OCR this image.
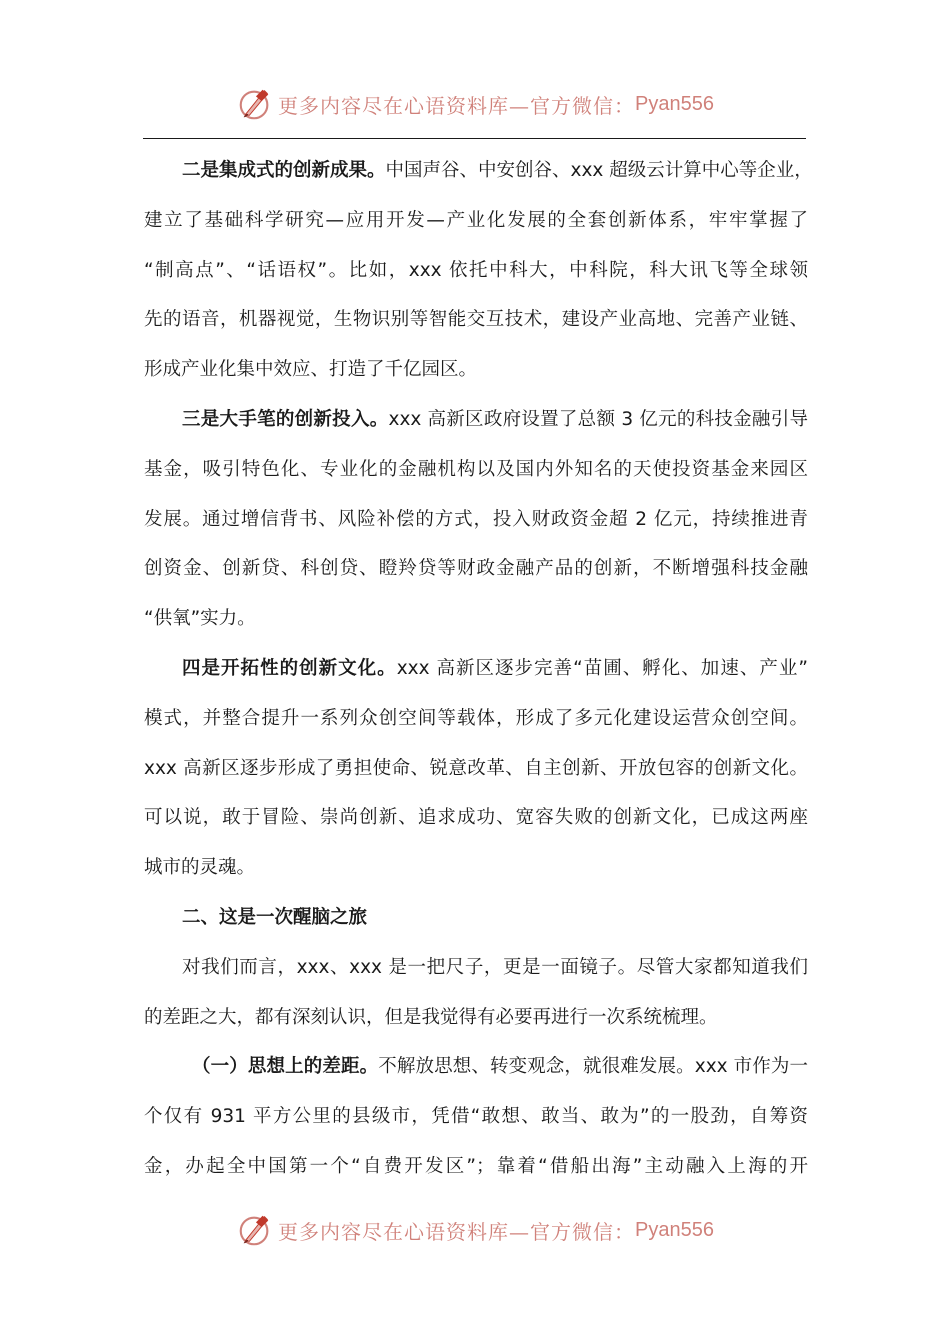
更多内容尽在心语资料库—官方微信： Pyan556
二是集成式的创新成果。中国声谷、中安创谷、xxx 超级云计算中心等企业，
建立了基础科学研究—应用开发—产业化发展的全套创新体系，牢牢掌握了
“制高点”、“话语权”。比如，xxx 依托中科大，中科院，科大讯飞等全球领
先的语音，机器视觉，生物识别等智能交互技术，建设产业高地、完善产业链、
形成产业化集中效应、打造了千亿园区。
三是大手笔的创新投入。xxx 高新区政府设置了总额 3 亿元的科技金融引导
基金，吸引特色化、专业化的金融机构以及国内外知名的天使投资基金来园区
发展。通过增信背书、风险补偿的方式，投入财政资金超 2 亿元，持续推进青
创资金、创新贷、科创贷、瞪羚贷等财政金融产品的创新，不断增强科技金融
“供氧”实力。
四是开拓性的创新文化。xxx 高新区逐步完善“苗圃、孵化、加速、产业”
模式，并整合提升一系列众创空间等载体，形成了多元化建设运营众创空间。
xxx 高新区逐步形成了勇担使命、锐意改革、自主创新、开放包容的创新文化。
可以说，敢于冒险、崇尚创新、追求成功、宽容失败的创新文化，已成这两座
城市的灵魂。
二、这是一次醒脑之旅
对我们而言，xxx、xxx 是一把尺子，更是一面镜子。尽管大家都知道我们
的差距之大，都有深刻认识，但是我觉得有必要再进行一次系统梳理。
（一）思想上的差距。不解放思想、转变观念，就很难发展。xxx 市作为一
个仅有 931 平方公里的县级市，凭借“敢想、敢当、敢为”的一股劲，自筹资
金，办起全中国第一个“自费开发区”；靠着“借船出海”主动融入上海的开
更多内容尽在心语资料库—官方微信： Pyan556
